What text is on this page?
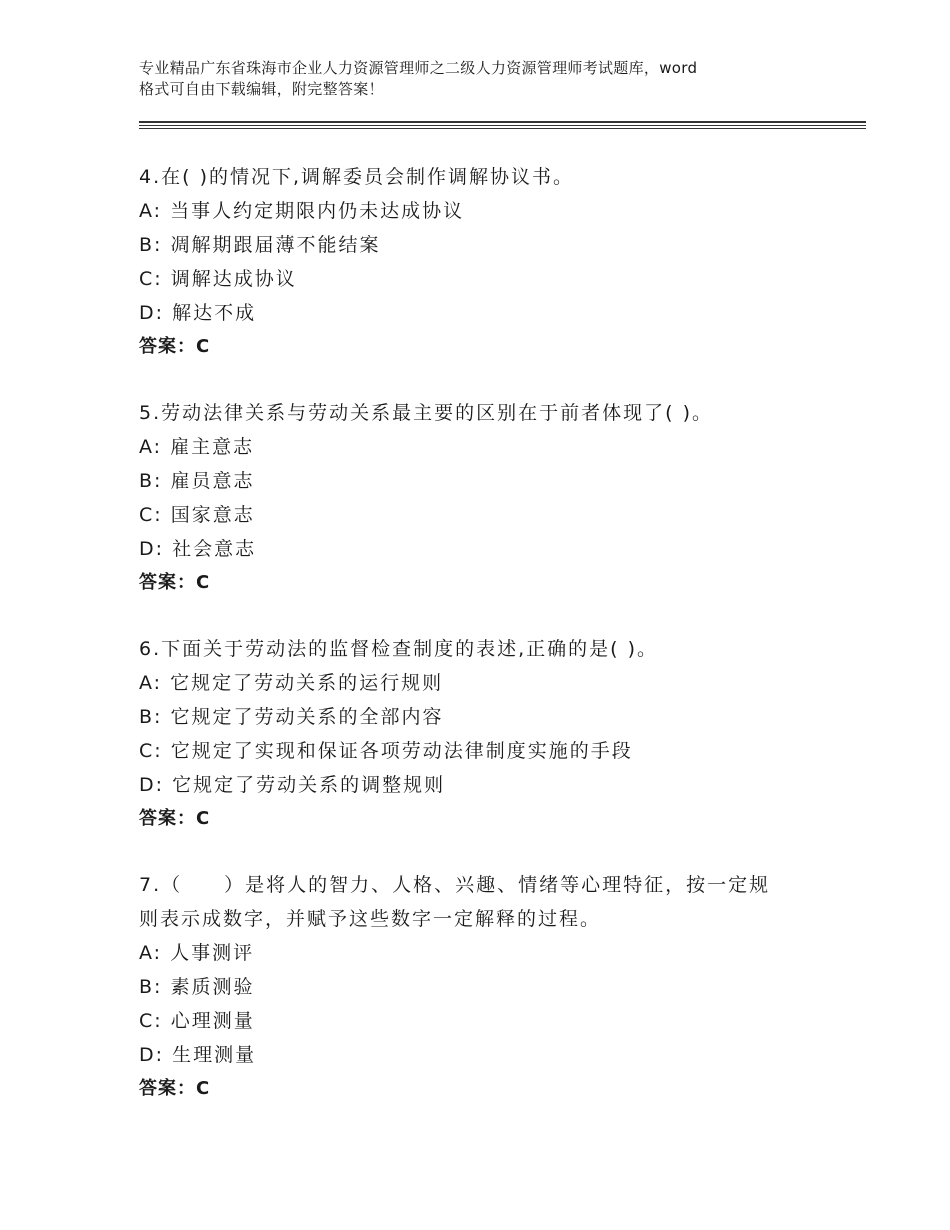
专业精品广东省珠海市企业人力资源管理师之二级人力资源管理师考试题库，word
格式可自由下载编辑，附完整答案！
4.在( )的情况下,调解委员会制作调解协议书。
A: 当事人约定期限内仍未达成协议
B: 凋解期跟届薄不能结案
C: 调解达成协议
D: 解达不成
答案：C
5.劳动法律关系与劳动关系最主要的区别在于前者体现了( )。
A: 雇主意志
B: 雇员意志
C: 国家意志
D: 社会意志
答案：C
6.下面关于劳动法的监督检查制度的表述,正确的是( )。
A: 它规定了劳动关系的运行规则
B: 它规定了劳动关系的全部内容
C: 它规定了实现和保证各项劳动法律制度实施的手段
D: 它规定了劳动关系的调整规则
答案：C
7.（　　）是将人的智力、人格、兴趣、情绪等心理特征，按一定规
则表示成数字，并赋予这些数字一定解释的过程。
A: 人事测评
B: 素质测验
C: 心理测量
D: 生理测量
答案：C
